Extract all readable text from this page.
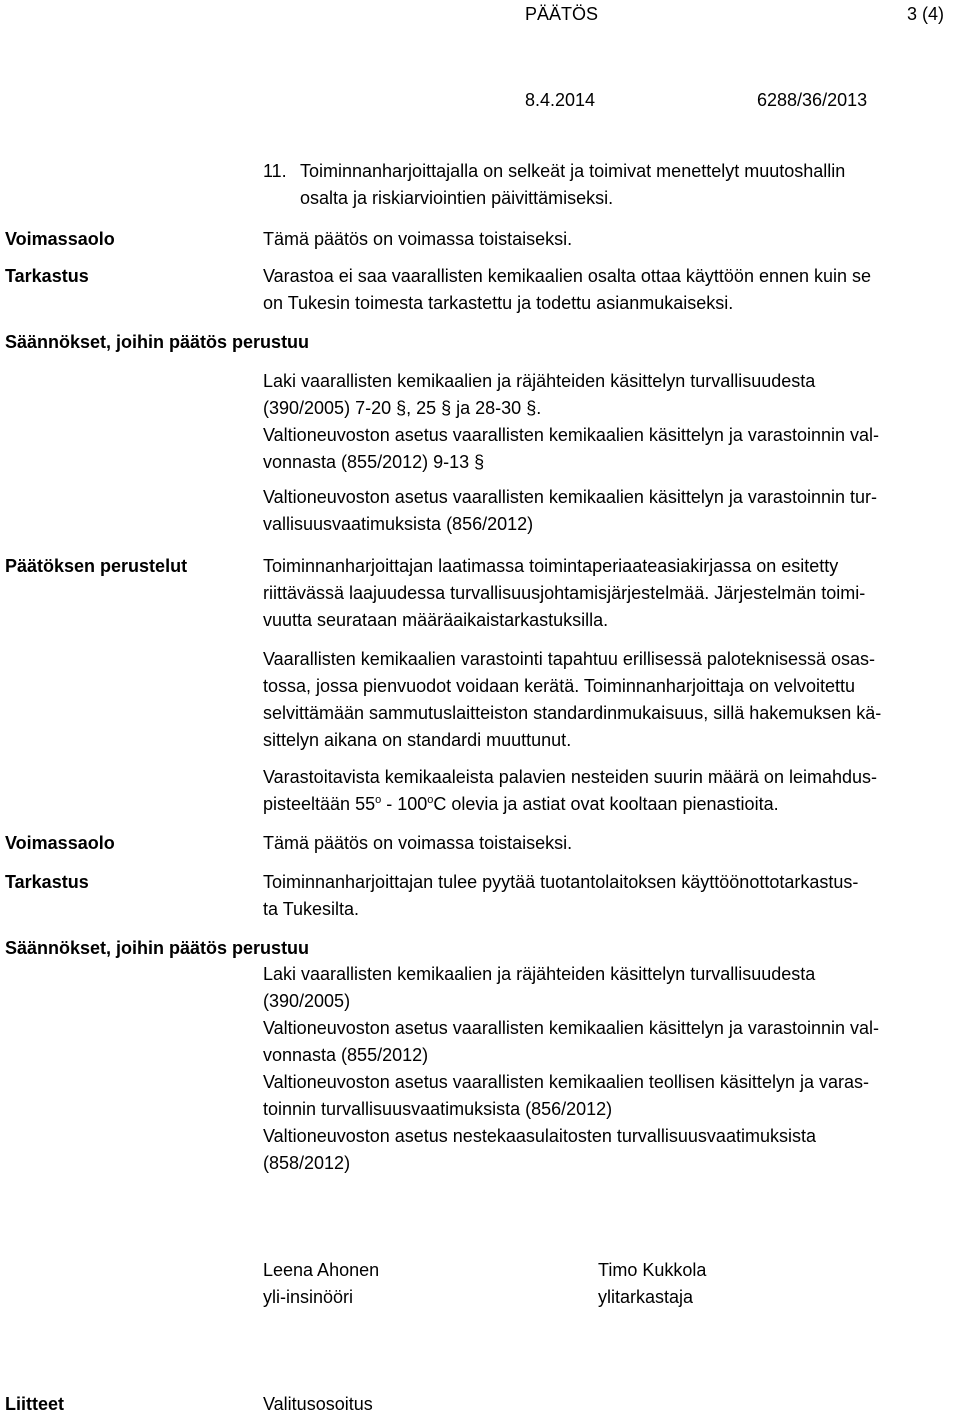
PÄÄTÖS	3 (4)
8.4.2014	6288/36/2013
11. Toiminnanharjoittajalla on selkeät ja toimivat menettelyt muutoshallin
osalta ja riskiarviointien päivittämiseksi.
Voimassaolo	Tämä päätös on voimassa toistaiseksi.
Tarkastus	Varastoa ei saa vaarallisten kemikaalien osalta ottaa käyttöön ennen kuin se
on Tukesin toimesta tarkastettu ja todettu asianmukaiseksi.
Säännökset, joihin päätös perustuu
Laki vaarallisten kemikaalien ja räjähteiden käsittelyn turvallisuudesta
(390/2005) 7-20 §, 25 § ja 28-30 §.
Valtioneuvoston asetus vaarallisten kemikaalien käsittelyn ja varastoinnin val-
vonnasta (855/2012) 9-13 §
Valtioneuvoston asetus vaarallisten kemikaalien käsittelyn ja varastoinnin tur-
vallisuusvaatimuksista (856/2012)
Päätöksen perustelut	Toiminnanharjoittajan laatimassa toimintaperiaateasiakirjassa on esitetty
riittävässä laajuudessa turvallisuusjohtamisjärjestelmää. Järjestelmän toimi-
vuutta seurataan määräaikaistarkastuksilla.
Vaarallisten kemikaalien varastointi tapahtuu erillisessä paloteknisessä osas-
tossa, jossa pienvuodot voidaan kerätä. Toiminnanharjoittaja on velvoitettu
selvittämään sammutuslaitteiston standardinmukaisuus, sillä hakemuksen kä-
sittelyn aikana on standardi muuttunut.
Varastoitavista kemikaaleista palavien nesteiden suurin määrä on leimahdus-
pisteeltään 55$^o$ - 100$^o$C olevia ja astiat ovat kooltaan pienastioita.
Voimassaolo	Tämä päätös on voimassa toistaiseksi.
Tarkastus	Toiminnanharjoittajan tulee pyytää tuotantolaitoksen käyttöönottotarkastus-
ta Tukesilta.
Säännökset, joihin päätös perustuu
Laki vaarallisten kemikaalien ja räjähteiden käsittelyn turvallisuudesta
(390/2005)
Valtioneuvoston asetus vaarallisten kemikaalien käsittelyn ja varastoinnin val-
vonnasta (855/2012)
Valtioneuvoston asetus vaarallisten kemikaalien teollisen käsittelyn ja varas-
toinnin turvallisuusvaatimuksista (856/2012)
Valtioneuvoston asetus nestekaasulaitosten turvallisuusvaatimuksista
(858/2012)
Leena Ahonen
yli-insinööri
Timo Kukkola
ylitarkastaja
Liitteet	Valitusosoitus
